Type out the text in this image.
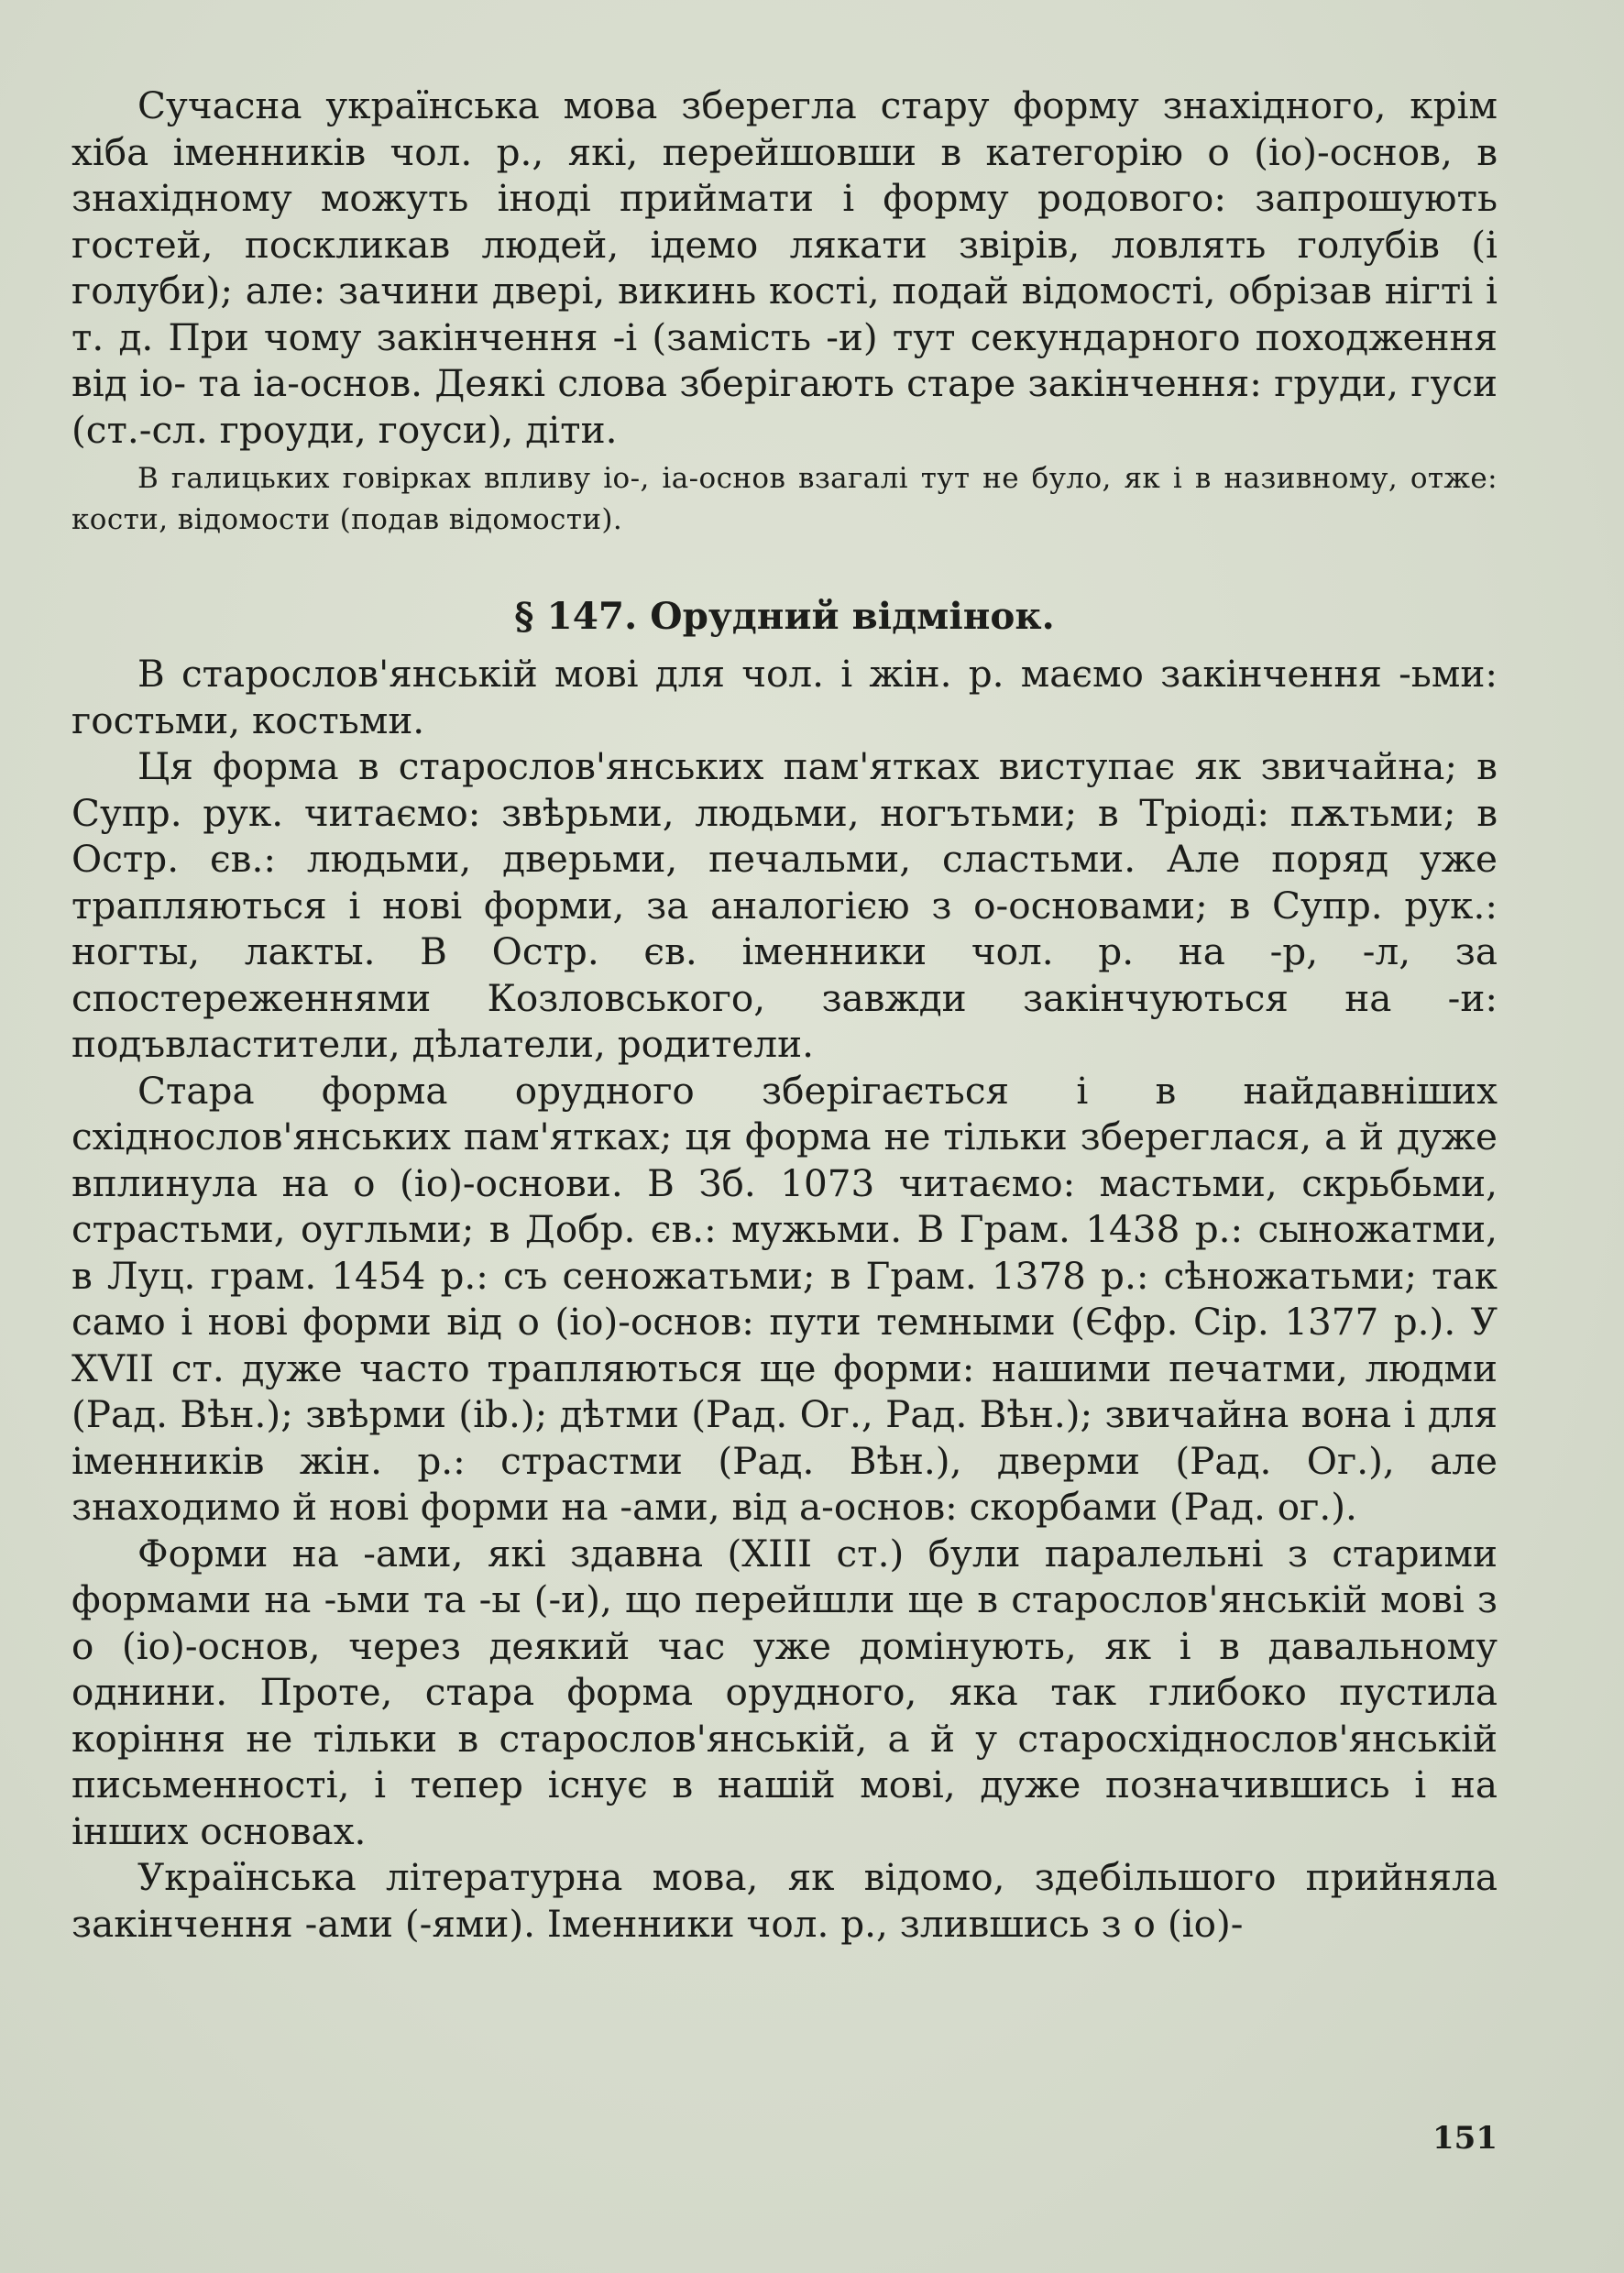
Сучасна українська мова зберегла стару форму знахідного, крім хіба іменників чол. р., які, перейшовши в категорію о (іо)-основ, в знахідному можуть іноді приймати і форму родового: запрошують гостей, поскликав людей, ідемо лякати звірів, ловлять голубів (і голуби); але: зачини двері, викинь кості, подай відомості, обрізав нігті і т. д. При чому закінчення -і (замість -и) тут секундарного походження від іо- та іа-основ. Деякі слова зберігають старе закінчення: груди, гуси (ст.-сл. гроуди, гоуси), діти.

В галицьких говірках впливу іо-, іа-основ взагалі тут не було, як і в називному, отже: кости, відомости (подав відомости).

§ 147. Орудний відмінок.

В старослов'янській мові для чол. і жін. р. маємо закінчення -ьми: гостьми, костьми.

Ця форма в старослов'янських пам'ятках виступає як звичайна; в Супр. рук. читаємо: звѣрьми, людьми, ногътьми; в Тріоді: пѫтьми; в Остр. єв.: людьми, дверьми, печальми, сластьми. Але поряд уже трапляються і нові форми, за аналогією з о-основами; в Супр. рук.: ногты, лакты. В Остр. єв. іменники чол. р. на -р, -л, за спостереженнями Козловського, завжди закінчуються на -и: подъвластители, дѣлатели, родители.

Стара форма орудного зберігається і в найдавніших східнослов'янських пам'ятках; ця форма не тільки збереглася, а й дуже вплинула на о (іо)-основи. В Зб. 1073 читаємо: мастьми, скрьбьми, страстьми, оугльми; в Добр. єв.: мужьми. В Грам. 1438 р.: сыножатми, в Луц. грам. 1454 р.: съ сеножатьми; в Грам. 1378 р.: сѣножатьми; так само і нові форми від о (іо)-основ: пути темными (Єфр. Сір. 1377 р.). У XVII ст. дуже часто трапляються ще форми: нашими печатми, людми (Рад. Вѣн.); звѣрми (ib.); дѣтми (Рад. Ог., Рад. Вѣн.); звичайна вона і для іменників жін. р.: страстми (Рад. Вѣн.), дверми (Рад. Ог.), але знаходимо й нові форми на -ами, від а-основ: скорбами (Рад. ог.).

Форми на -ами, які здавна (XIII ст.) були паралельні з старими формами на -ьми та -ы (-и), що перейшли ще в старослов'янській мові з о (іо)-основ, через деякий час уже домінують, як і в давальному однини. Проте, стара форма орудного, яка так глибоко пустила коріння не тільки в старослов'янській, а й у старосхіднослов'янській письменності, і тепер існує в нашій мові, дуже позначившись і на інших основах.

Українська літературна мова, як відомо, здебільшого прийняла закінчення -ами (-ями). Іменники чол. р., злившись з о (іо)-

151
